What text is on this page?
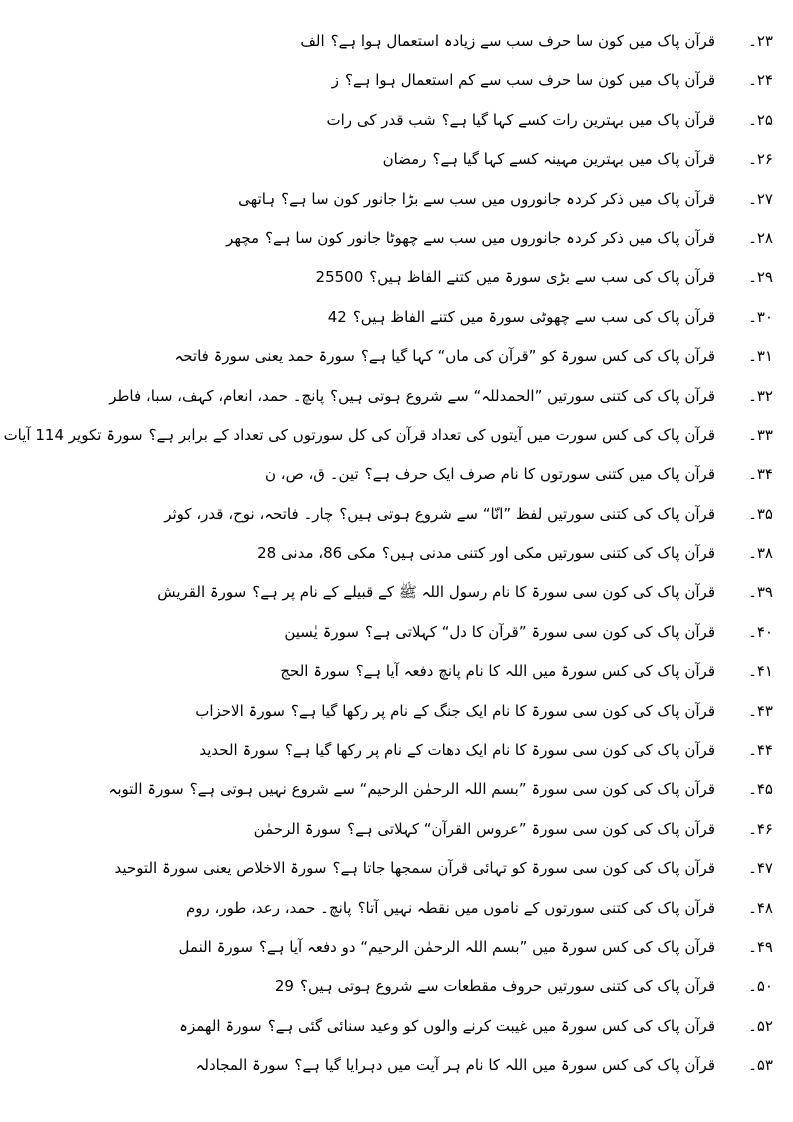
۲۳۔قرآن پاک میں کون سا حرف سب سے زیادہ استعمال ہوا ہے؟الف
۲۴۔قرآن پاک میں کون سا حرف سب سے کم استعمال ہوا ہے؟ز
۲۵۔قرآن پاک میں بہترین رات کسے کہا گیا ہے؟شب قدر کی رات
۲۶۔قرآن پاک میں بہترین مہینہ کسے کہا گیا ہے؟رمضان
۲۷۔قرآن پاک میں ذکر کردہ جانوروں میں سب سے بڑا جانور کون سا ہے؟ہاتھی
۲۸۔قرآن پاک میں ذکر کردہ جانوروں میں سب سے چھوٹا جانور کون سا ہے؟مچھر
۲۹۔قرآن پاک کی سب سے بڑی سورۃ میں کتنے الفاظ ہیں؟25500
۳۰۔قرآن پاک کی سب سے چھوٹی سورۃ میں کتنے الفاظ ہیں؟42
۳۱۔قرآن پاک کی کس سورۃ کو ”قرآن کی ماں“ کہا گیا ہے؟سورۃ حمد یعنی سورۃ فاتحہ
۳۲۔قرآن پاک کی کتنی سورتیں ”الحمدللہ“ سے شروع ہوتی ہیں؟پانچ۔ حمد، انعام، کہف، سبا، فاطر
۳۳۔قرآن پاک کی کس سورت میں آیتوں کی تعداد قرآن کی کل سورتوں کی تعداد کے برابر ہے؟سورۃ تکویر 114 آیات
۳۴۔قرآن پاک میں کتنی سورتوں کا نام صرف ایک حرف ہے؟تین۔ ق، ص، ن
۳۵۔قرآن پاک کی کتنی سورتیں لفظ ”انّا“ سے شروع ہوتی ہیں؟چار۔ فاتحہ، نوح، قدر، کوثر
۳۸۔قرآن پاک کی کتنی سورتیں مکی اور کتنی مدنی ہیں؟مکی 86، مدنی 28
۳۹۔قرآن پاک کی کون سی سورۃ کا نام رسول اللہ ﷺ کے قبیلے کے نام پر ہے؟سورۃ القریش
۴۰۔قرآن پاک کی کون سی سورۃ ”قرآن کا دل“ کہلاتی ہے؟سورۃ یٰسین
۴۱۔قرآن پاک کی کس سورۃ میں اللہ کا نام پانچ دفعہ آیا ہے؟سورۃ الحج
۴۳۔قرآن پاک کی کون سی سورۃ کا نام ایک جنگ کے نام پر رکھا گیا ہے؟سورۃ الاحزاب
۴۴۔قرآن پاک کی کون سی سورۃ کا نام ایک دھات کے نام پر رکھا گیا ہے؟سورۃ الحدید
۴۵۔قرآن پاک کی کون سی سورۃ ”بسم اللہ الرحمٰن الرحیم“ سے شروع نہیں ہوتی ہے؟سورۃ التوبہ
۴۶۔قرآن پاک کی کون سی سورۃ ”عروس القرآن“ کہلاتی ہے؟سورۃ الرحمٰن
۴۷۔قرآن پاک کی کون سی سورۃ کو تہائی قرآن سمجھا جاتا ہے؟سورۃ الاخلاص یعنی سورۃ التوحید
۴۸۔قرآن پاک کی کتنی سورتوں کے ناموں میں نقطہ نہیں آتا؟پانچ۔ حمد، رعد، طور، روم
۴۹۔قرآن پاک کی کس سورۃ میں ”بسم اللہ الرحمٰن الرحیم“ دو دفعہ آیا ہے؟سورۃ النمل
۵۰۔قرآن پاک کی کتنی سورتیں حروف مقطعات سے شروع ہوتی ہیں؟29
۵۲۔قرآن پاک کی کس سورۃ میں غیبت کرنے والوں کو وعید سنائی گئی ہے؟سورۃ الھمزہ
۵۳۔قرآن پاک کی کس سورۃ میں اللہ کا نام ہر آیت میں دہرایا گیا ہے؟سورۃ المجادلہ
